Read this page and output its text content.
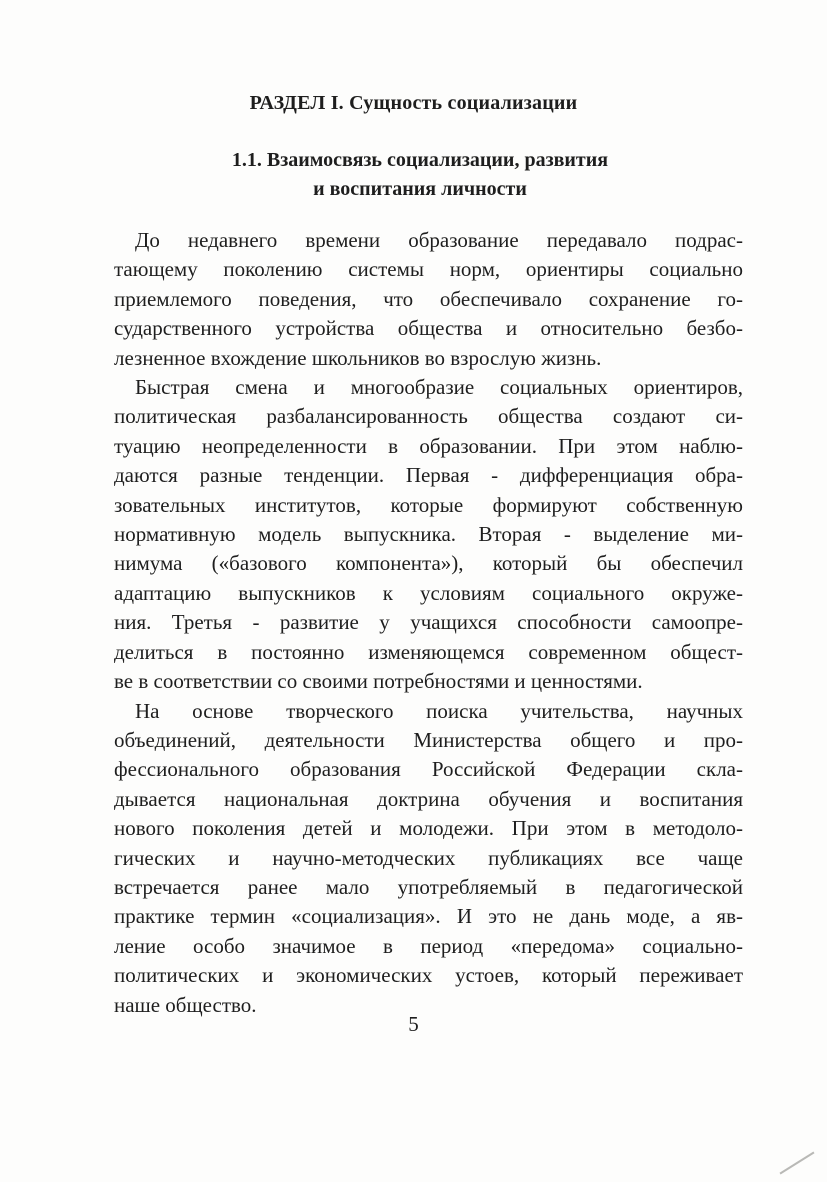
РАЗДЕЛ I. Сущность социализации
1.1. Взаимосвязь социализации, развития
и воспитания личности
До недавнего времени образование передавало подрас-
тающему поколению системы норм, ориентиры социально
приемлемого поведения, что обеспечивало сохранение го-
сударственного устройства общества и относительно безбо-
лезненное вхождение школьников во взрослую жизнь.
Быстрая смена и многообразие социальных ориентиров,
политическая разбалансированность общества создают си-
туацию неопределенности в образовании. При этом наблю-
даются разные тенденции. Первая - дифференциация обра-
зовательных институтов, которые формируют собственную
нормативную модель выпускника. Вторая - выделение ми-
нимума («базового компонента»), который бы обеспечил
адаптацию выпускников к условиям социального окруже-
ния. Третья - развитие у учащихся способности самоопре-
делиться в постоянно изменяющемся современном общест-
ве в соответствии со своими потребностями и ценностями.
На основе творческого поиска учительства, научных
объединений, деятельности Министерства общего и про-
фессионального образования Российской Федерации скла-
дывается национальная доктрина обучения и воспитания
нового поколения детей и молодежи. При этом в методоло-
гических и научно-методческих публикациях все чаще
встречается ранее мало употребляемый в педагогической
практике термин «социализация». И это не дань моде, а яв-
ление особо значимое в период «передома» социально-
политических и экономических устоев, который переживает
наше общество.
5
